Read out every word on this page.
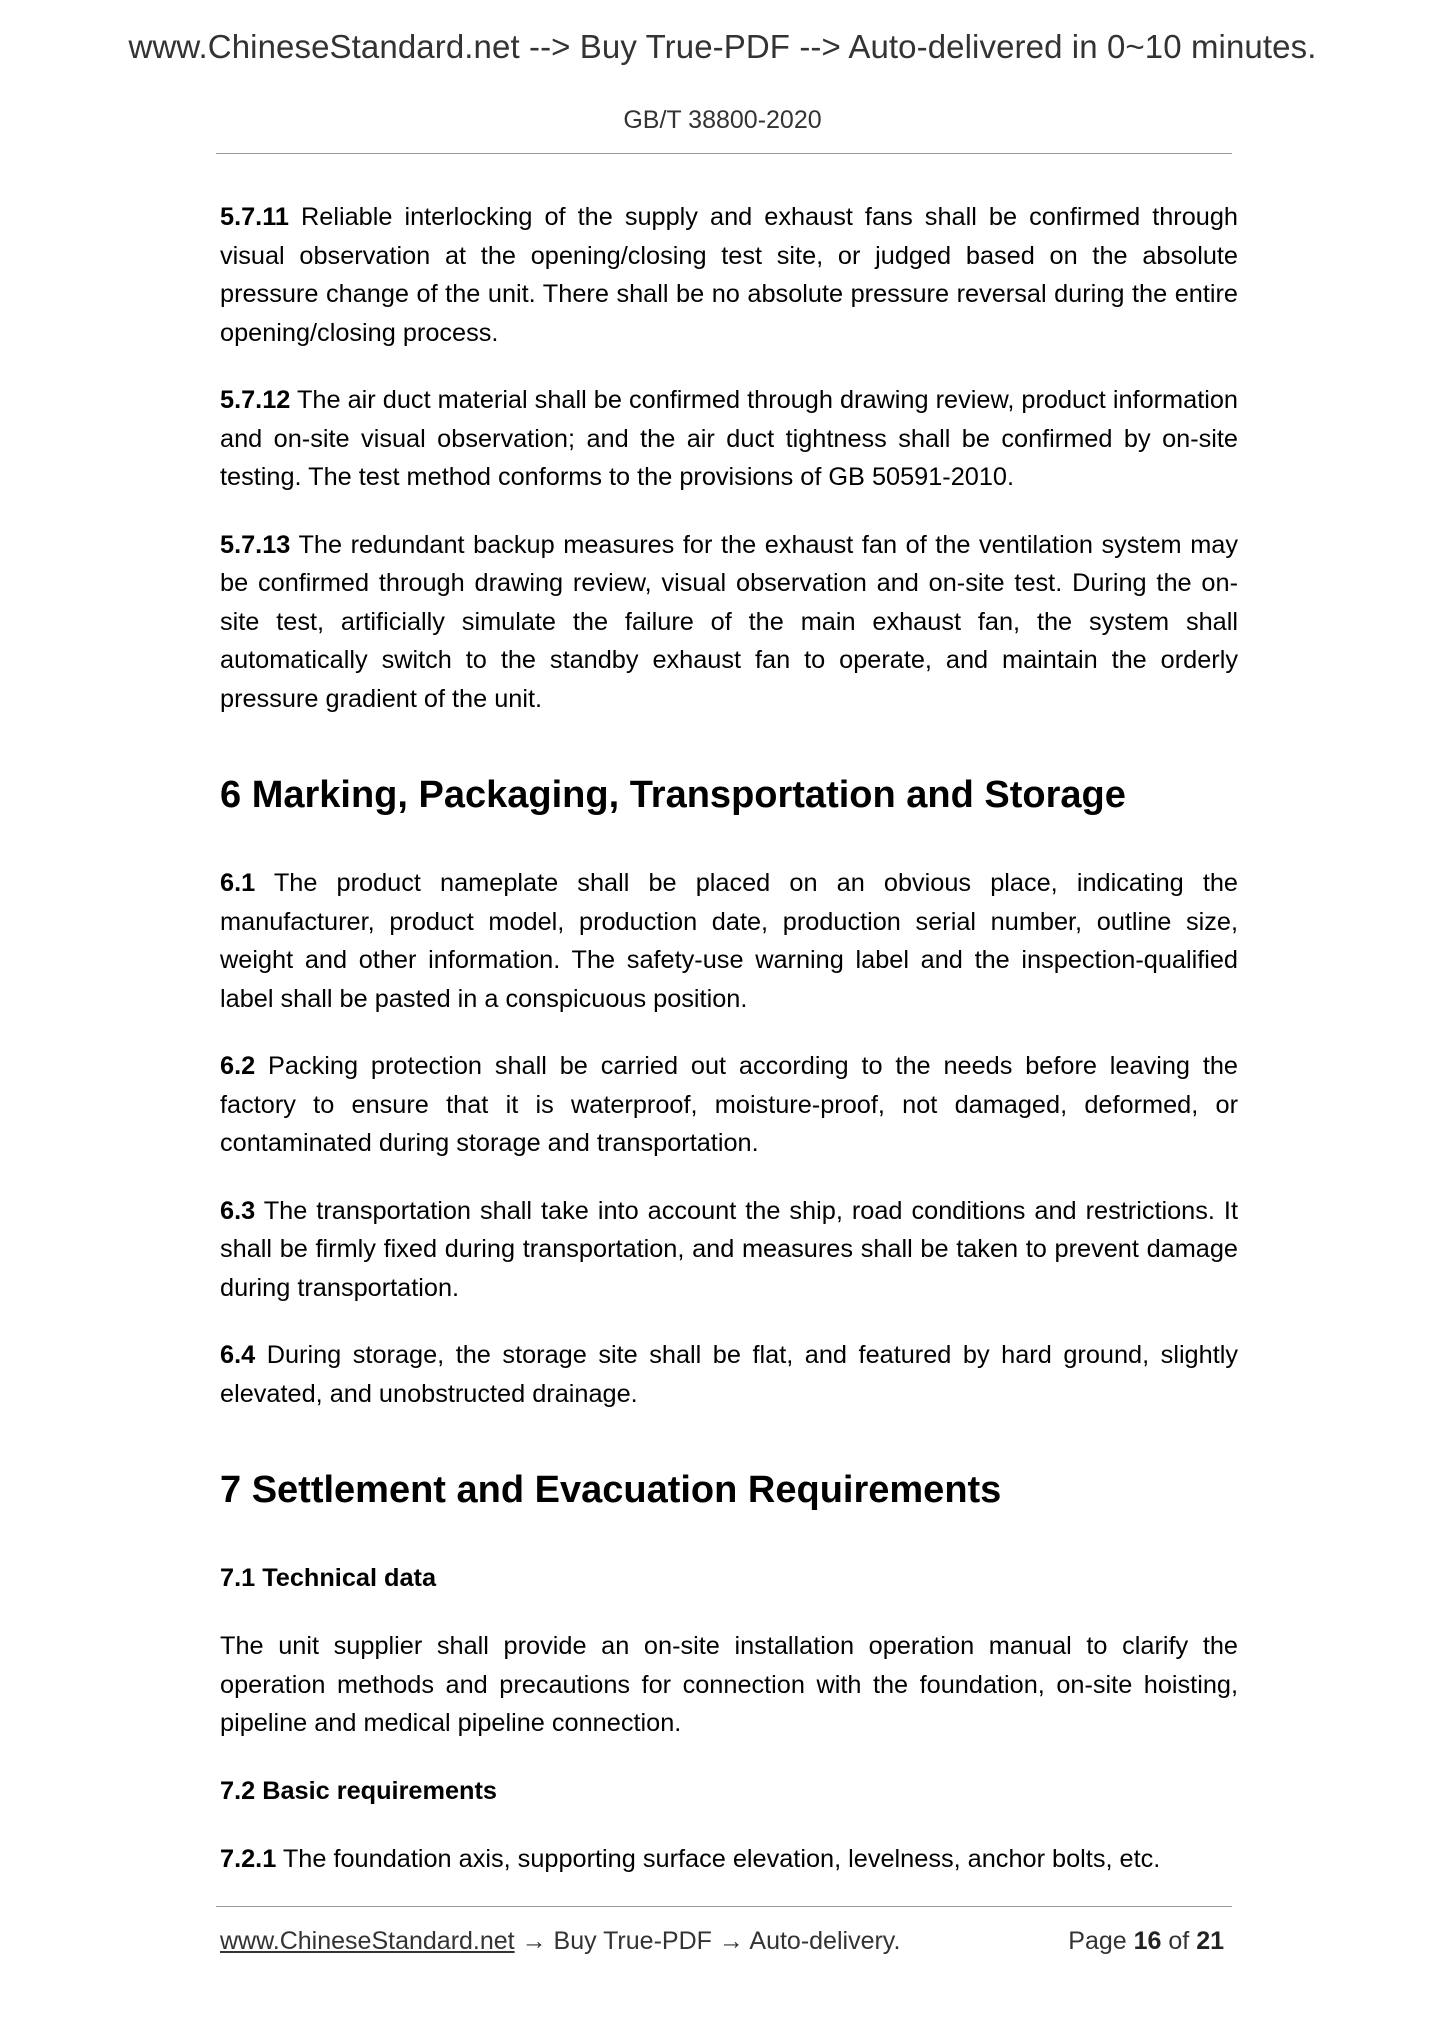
www.ChineseStandard.net --> Buy True-PDF --> Auto-delivered in 0~10 minutes.
GB/T 38800-2020

5.7.11 Reliable interlocking of the supply and exhaust fans shall be confirmed through visual observation at the opening/closing test site, or judged based on the absolute pressure change of the unit. There shall be no absolute pressure reversal during the entire opening/closing process.

5.7.12 The air duct material shall be confirmed through drawing review, product information and on-site visual observation; and the air duct tightness shall be confirmed by on-site testing. The test method conforms to the provisions of GB 50591-2010.

5.7.13 The redundant backup measures for the exhaust fan of the ventilation system may be confirmed through drawing review, visual observation and on-site test. During the on-site test, artificially simulate the failure of the main exhaust fan, the system shall automatically switch to the standby exhaust fan to operate, and maintain the orderly pressure gradient of the unit.

6 Marking, Packaging, Transportation and Storage

6.1 The product nameplate shall be placed on an obvious place, indicating the manufacturer, product model, production date, production serial number, outline size, weight and other information. The safety-use warning label and the inspection-qualified label shall be pasted in a conspicuous position.

6.2 Packing protection shall be carried out according to the needs before leaving the factory to ensure that it is waterproof, moisture-proof, not damaged, deformed, or contaminated during storage and transportation.

6.3 The transportation shall take into account the ship, road conditions and restrictions. It shall be firmly fixed during transportation, and measures shall be taken to prevent damage during transportation.

6.4 During storage, the storage site shall be flat, and featured by hard ground, slightly elevated, and unobstructed drainage.

7 Settlement and Evacuation Requirements
7.1 Technical data

The unit supplier shall provide an on-site installation operation manual to clarify the operation methods and precautions for connection with the foundation, on-site hoisting, pipeline and medical pipeline connection.

7.2 Basic requirements

7.2.1 The foundation axis, supporting surface elevation, levelness, anchor bolts, etc.

www.ChineseStandard.net → Buy True-PDF → Auto-delivery.	Page 16 of 21
